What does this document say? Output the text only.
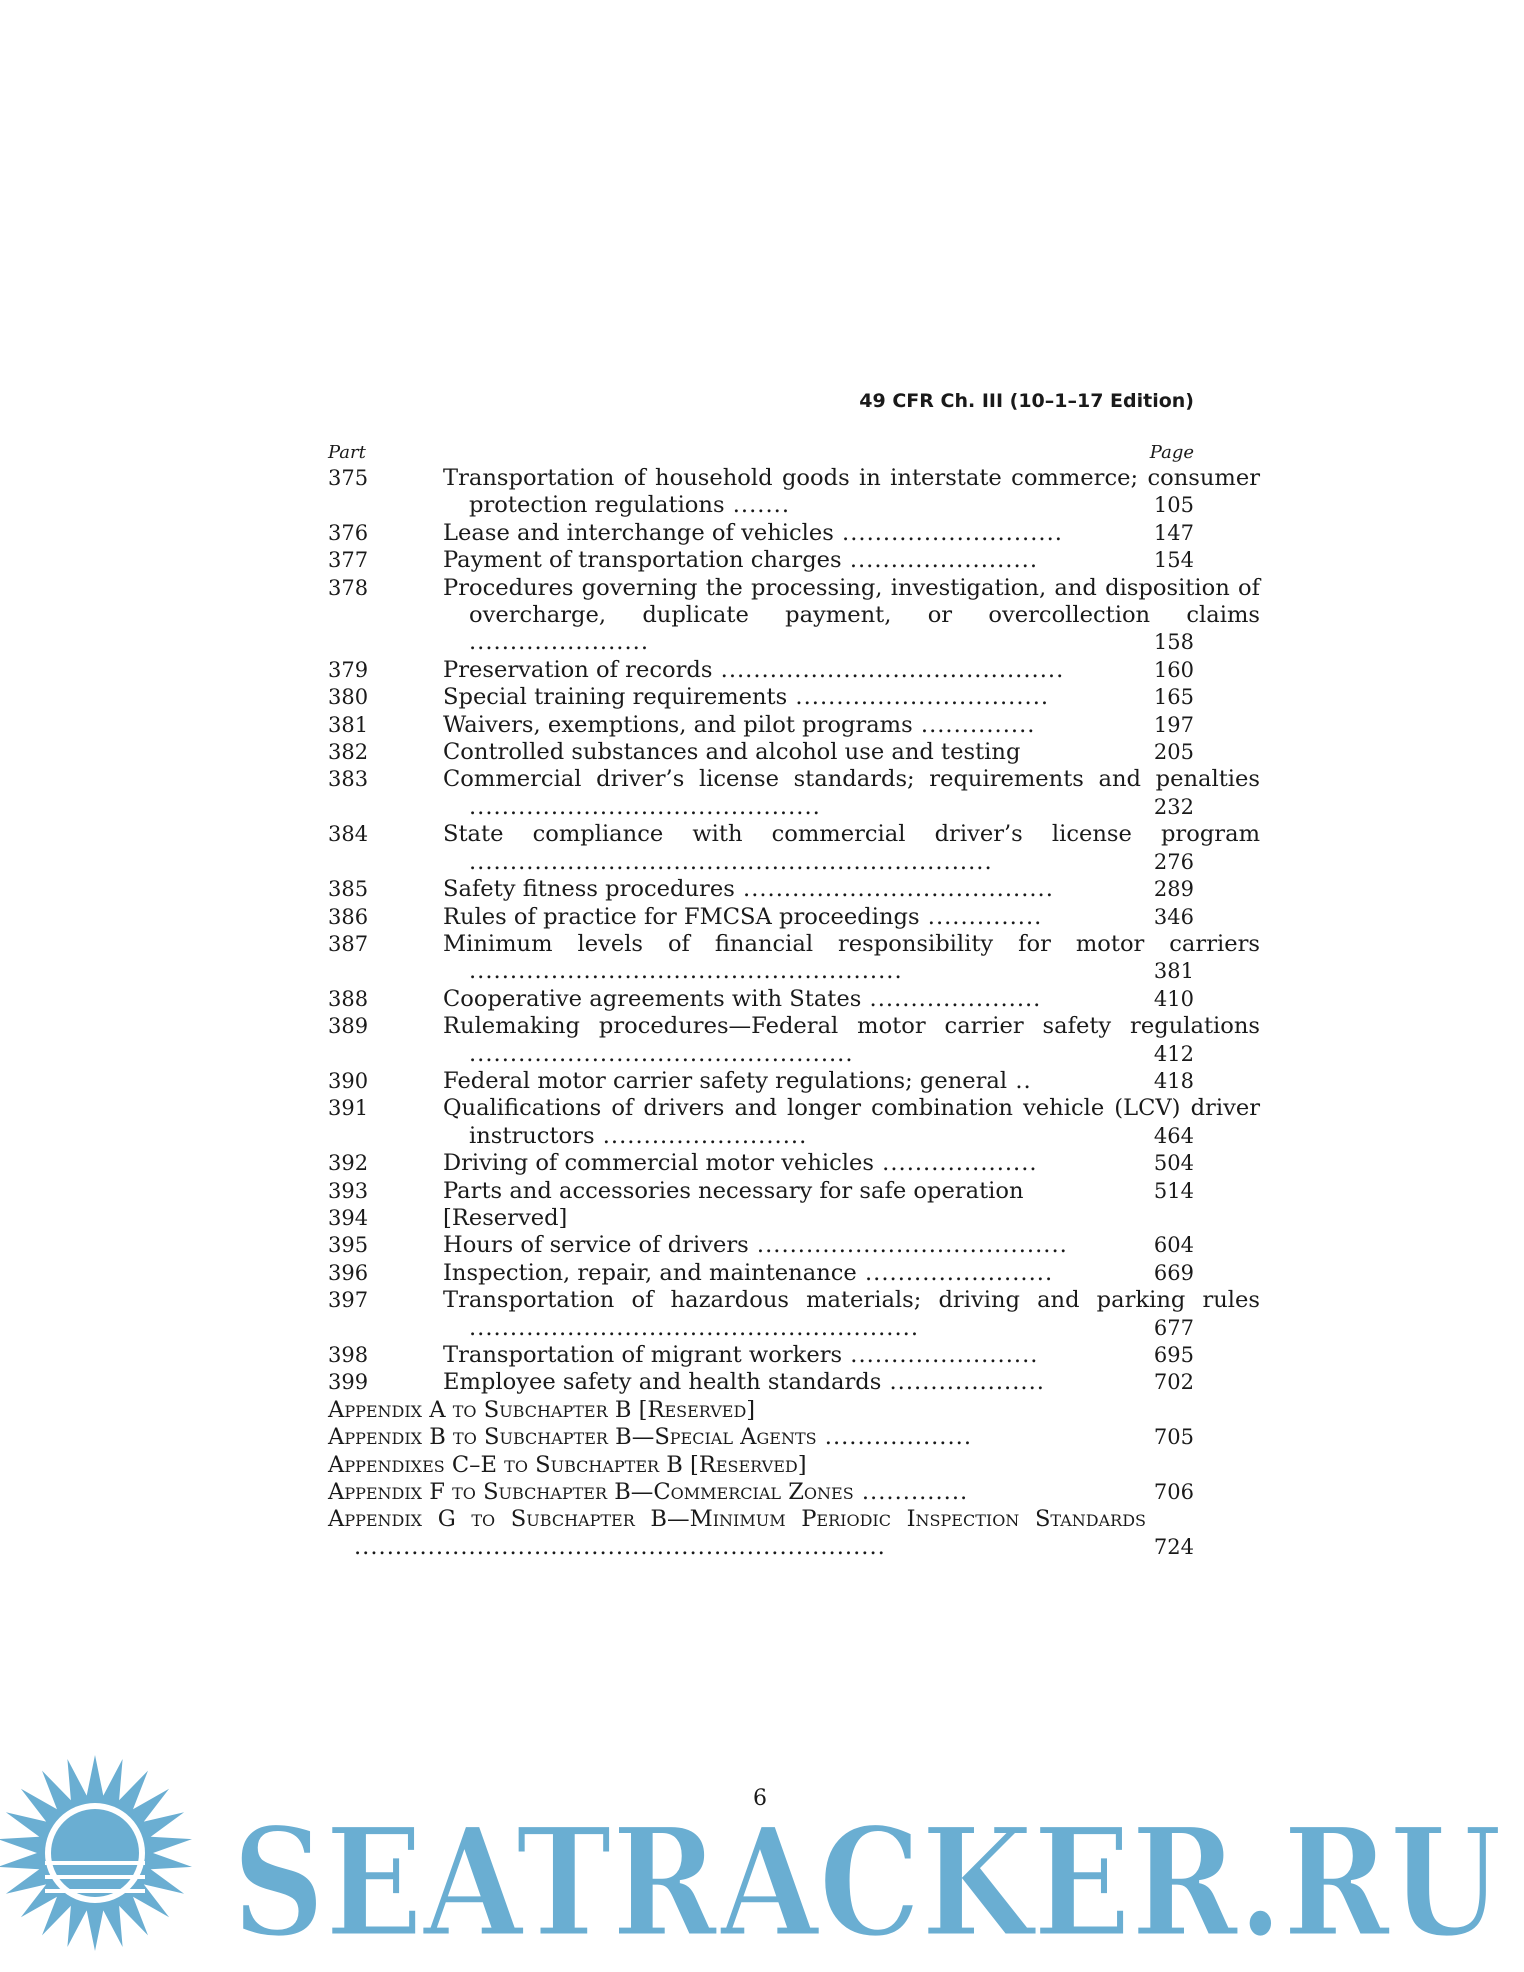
49 CFR Ch. III (10–1–17 Edition)
Part	Page
375	Transportation of household goods in interstate commerce; consumer protection regulations .......	105
376	Lease and interchange of vehicles ...........................	147
377	Payment of transportation charges .......................	154
378	Procedures governing the processing, investigation, and disposition of overcharge, duplicate payment, or overcollection claims ......................	158
379	Preservation of records ..........................................	160
380	Special training requirements ...............................	165
381	Waivers, exemptions, and pilot programs ..............	197
382	Controlled substances and alcohol use and testing	205
383	Commercial driver’s license standards; requirements and penalties ...........................................	232
384	State compliance with commercial driver’s license program ................................................................	276
385	Safety fitness procedures ......................................	289
386	Rules of practice for FMCSA proceedings ..............	346
387	Minimum levels of financial responsibility for motor carriers .....................................................	381
388	Cooperative agreements with States .....................	410
389	Rulemaking procedures—Federal motor carrier safety regulations ...............................................	412
390	Federal motor carrier safety regulations; general ..	418
391	Qualifications of drivers and longer combination vehicle (LCV) driver instructors .........................	464
392	Driving of commercial motor vehicles ...................	504
393	Parts and accessories necessary for safe operation	514
394	[Reserved]
395	Hours of service of drivers ......................................	604
396	Inspection, repair, and maintenance .......................	669
397	Transportation of hazardous materials; driving and parking rules .......................................................	677
398	Transportation of migrant workers .......................	695
399	Employee safety and health standards ...................	702
Appendix A to Subchapter B [Reserved]
Appendix B to Subchapter B—Special Agents ..................	705
Appendixes C–E to Subchapter B [Reserved]
Appendix F to Subchapter B—Commercial Zones .............	706
Appendix G to Subchapter B—Minimum Periodic Inspection Standards .................................................................	724
6
SEATRACKER.RU
